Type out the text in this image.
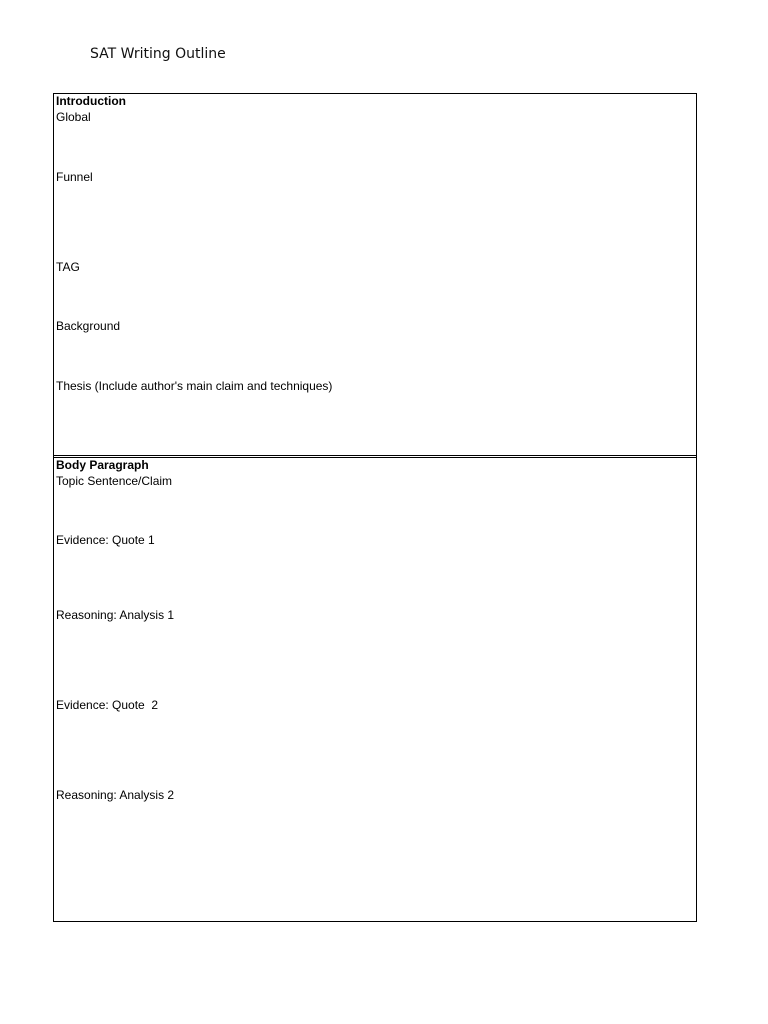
SAT Writing Outline
Introduction
Global
Funnel
TAG
Background
Thesis (Include author's main claim and techniques)
Body Paragraph
Topic Sentence/Claim
Evidence: Quote 1
Reasoning: Analysis 1
Evidence: Quote  2
Reasoning: Analysis 2
